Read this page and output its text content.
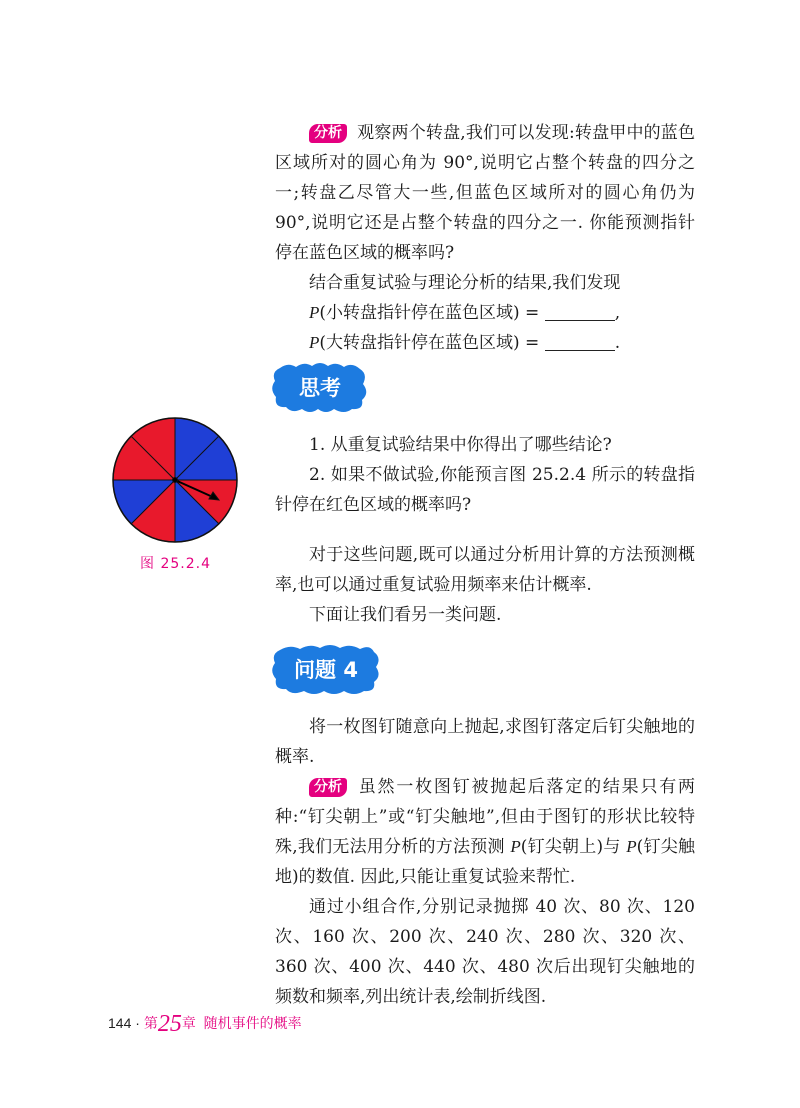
分析 观察两个转盘,我们可以发现:转盘甲中的蓝色区域所对的圆心角为 90°,说明它占整个转盘的四分之一;转盘乙尽管大一些,但蓝色区域所对的圆心角仍为 90°,说明它还是占整个转盘的四分之一. 你能预测指针停在蓝色区域的概率吗?

结合重复试验与理论分析的结果,我们发现

P(小转盘指针停在蓝色区域) =	,

P(大转盘指针停在蓝色区域) =	.

思考

1. 从重复试验结果中你得出了哪些结论?

2. 如果不做试验,你能预言图 25.2.4 所示的转盘指针停在红色区域的概率吗?

图 25.2.4	对于这些问题,既可以通过分析用计算的方法预测概率,也可以通过重复试验用频率来估计概率.

下面让我们看另一类问题.

问题 4

将一枚图钉随意向上抛起,求图钉落定后钉尖触地的概率.

分析 虽然一枚图钉被抛起后落定的结果只有两种:“钉尖朝上”或“钉尖触地”,但由于图钉的形状比较特殊,我们无法用分析的方法预测 P(钉尖朝上)与 P(钉尖触地)的数值. 因此,只能让重复试验来帮忙.

通过小组合作,分别记录抛掷 40 次、80 次、120 次、160 次、200 次、240 次、280 次、320 次、360 次、400 次、440 次、480 次后出现钉尖触地的频数和频率,列出统计表,绘制折线图.

144 · 第25章 随机事件的概率
